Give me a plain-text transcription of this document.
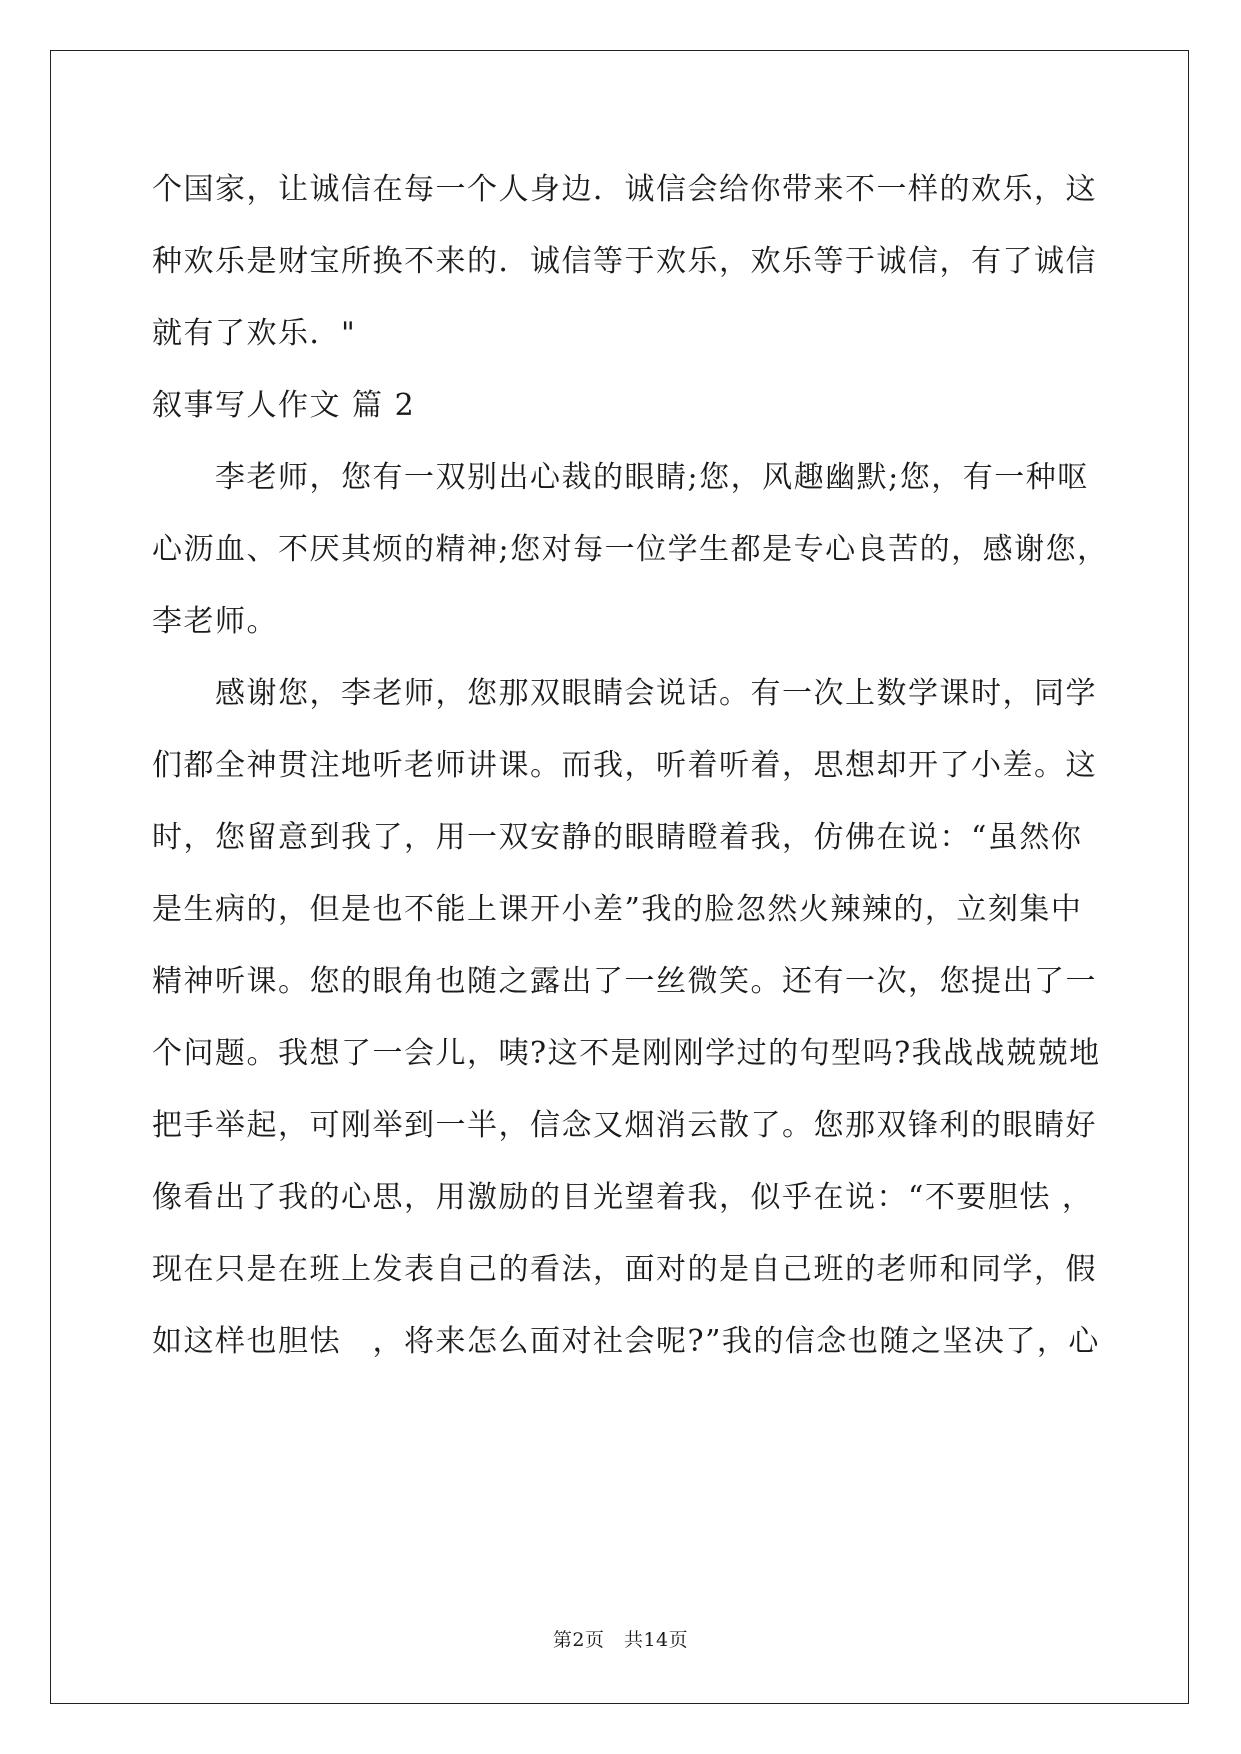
个国家，让诚信在每一个人身边．诚信会给你带来不一样的欢乐，这
种欢乐是财宝所换不来的．诚信等于欢乐，欢乐等于诚信，有了诚信
就有了欢乐．"
叙事写人作文 篇 2
　　李老师，您有一双别出心裁的眼睛;您，风趣幽默;您，有一种呕
心沥血、不厌其烦的精神;您对每一位学生都是专心良苦的，感谢您，
李老师。
　　感谢您，李老师，您那双眼睛会说话。有一次上数学课时，同学
们都全神贯注地听老师讲课。而我，听着听着，思想却开了小差。这
时，您留意到我了，用一双安静的眼睛瞪着我，仿佛在说：“虽然你
是生病的，但是也不能上课开小差”我的脸忽然火辣辣的，立刻集中
精神听课。您的眼角也随之露出了一丝微笑。还有一次，您提出了一
个问题。我想了一会儿，咦?这不是刚刚学过的句型吗?我战战兢兢地
把手举起，可刚举到一半，信念又烟消云散了。您那双锋利的眼睛好
像看出了我的心思，用激励的目光望着我，似乎在说：“不要胆怯 ，
现在只是在班上发表自己的看法，面对的是自己班的老师和同学，假
如这样也胆怯　，将来怎么面对社会呢?”我的信念也随之坚决了，心
第2页　共14页
